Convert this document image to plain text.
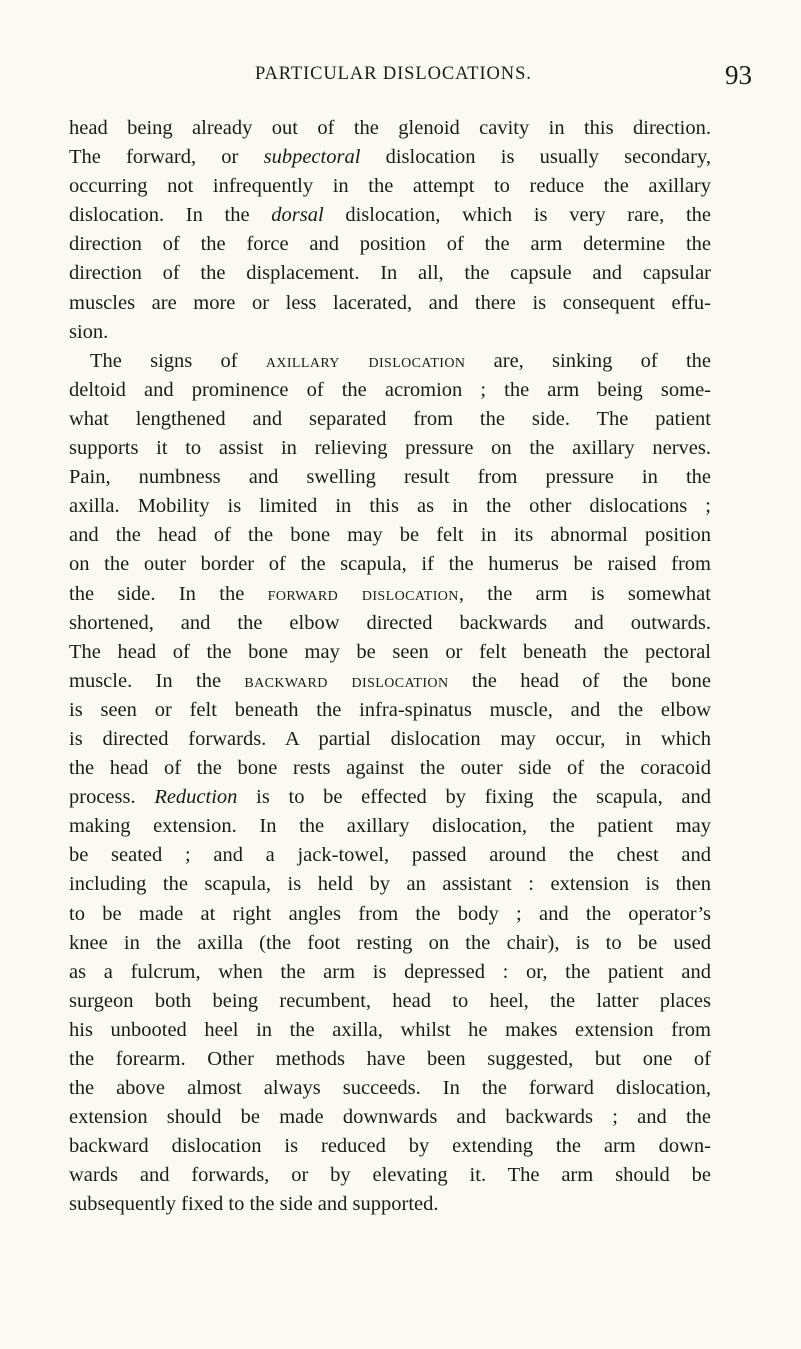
PARTICULAR DISLOCATIONS.	93

head being already out of the glenoid cavity in this direction.

The forward, or subpectoral dislocation is usually secondary,

occurring not infrequently in the attempt to reduce the axillary

dislocation. In the dorsal dislocation, which is very rare, the

direction of the force and position of the arm determine the

direction of the displacement. In all, the capsule and capsular

muscles are more or less lacerated, and there is consequent effu-

sion.

The signs of axillary dislocation are, sinking of the

deltoid and prominence of the acromion ; the arm being some-

what lengthened and separated from the side. The patient

supports it to assist in relieving pressure on the axillary nerves.

Pain, numbness and swelling result from pressure in the

axilla. Mobility is limited in this as in the other dislocations ;

and the head of the bone may be felt in its abnormal position

on the outer border of the scapula, if the humerus be raised from

the side. In the forward dislocation, the arm is somewhat

shortened, and the elbow directed backwards and outwards.

The head of the bone may be seen or felt beneath the pectoral

muscle. In the backward dislocation the head of the bone

is seen or felt beneath the infra-spinatus muscle, and the elbow

is directed forwards. A partial dislocation may occur, in which

the head of the bone rests against the outer side of the coracoid

process. Reduction is to be effected by fixing the scapula, and

making extension. In the axillary dislocation, the patient may

be seated ; and a jack-towel, passed around the chest and

including the scapula, is held by an assistant : extension is then

to be made at right angles from the body ; and the operator’s

knee in the axilla (the foot resting on the chair), is to be used

as a fulcrum, when the arm is depressed : or, the patient and

surgeon both being recumbent, head to heel, the latter places

his unbooted heel in the axilla, whilst he makes extension from

the forearm. Other methods have been suggested, but one of

the above almost always succeeds. In the forward dislocation,

extension should be made downwards and backwards ; and the

backward dislocation is reduced by extending the arm down-

wards and forwards, or by elevating it. The arm should be

subsequently fixed to the side and supported.
